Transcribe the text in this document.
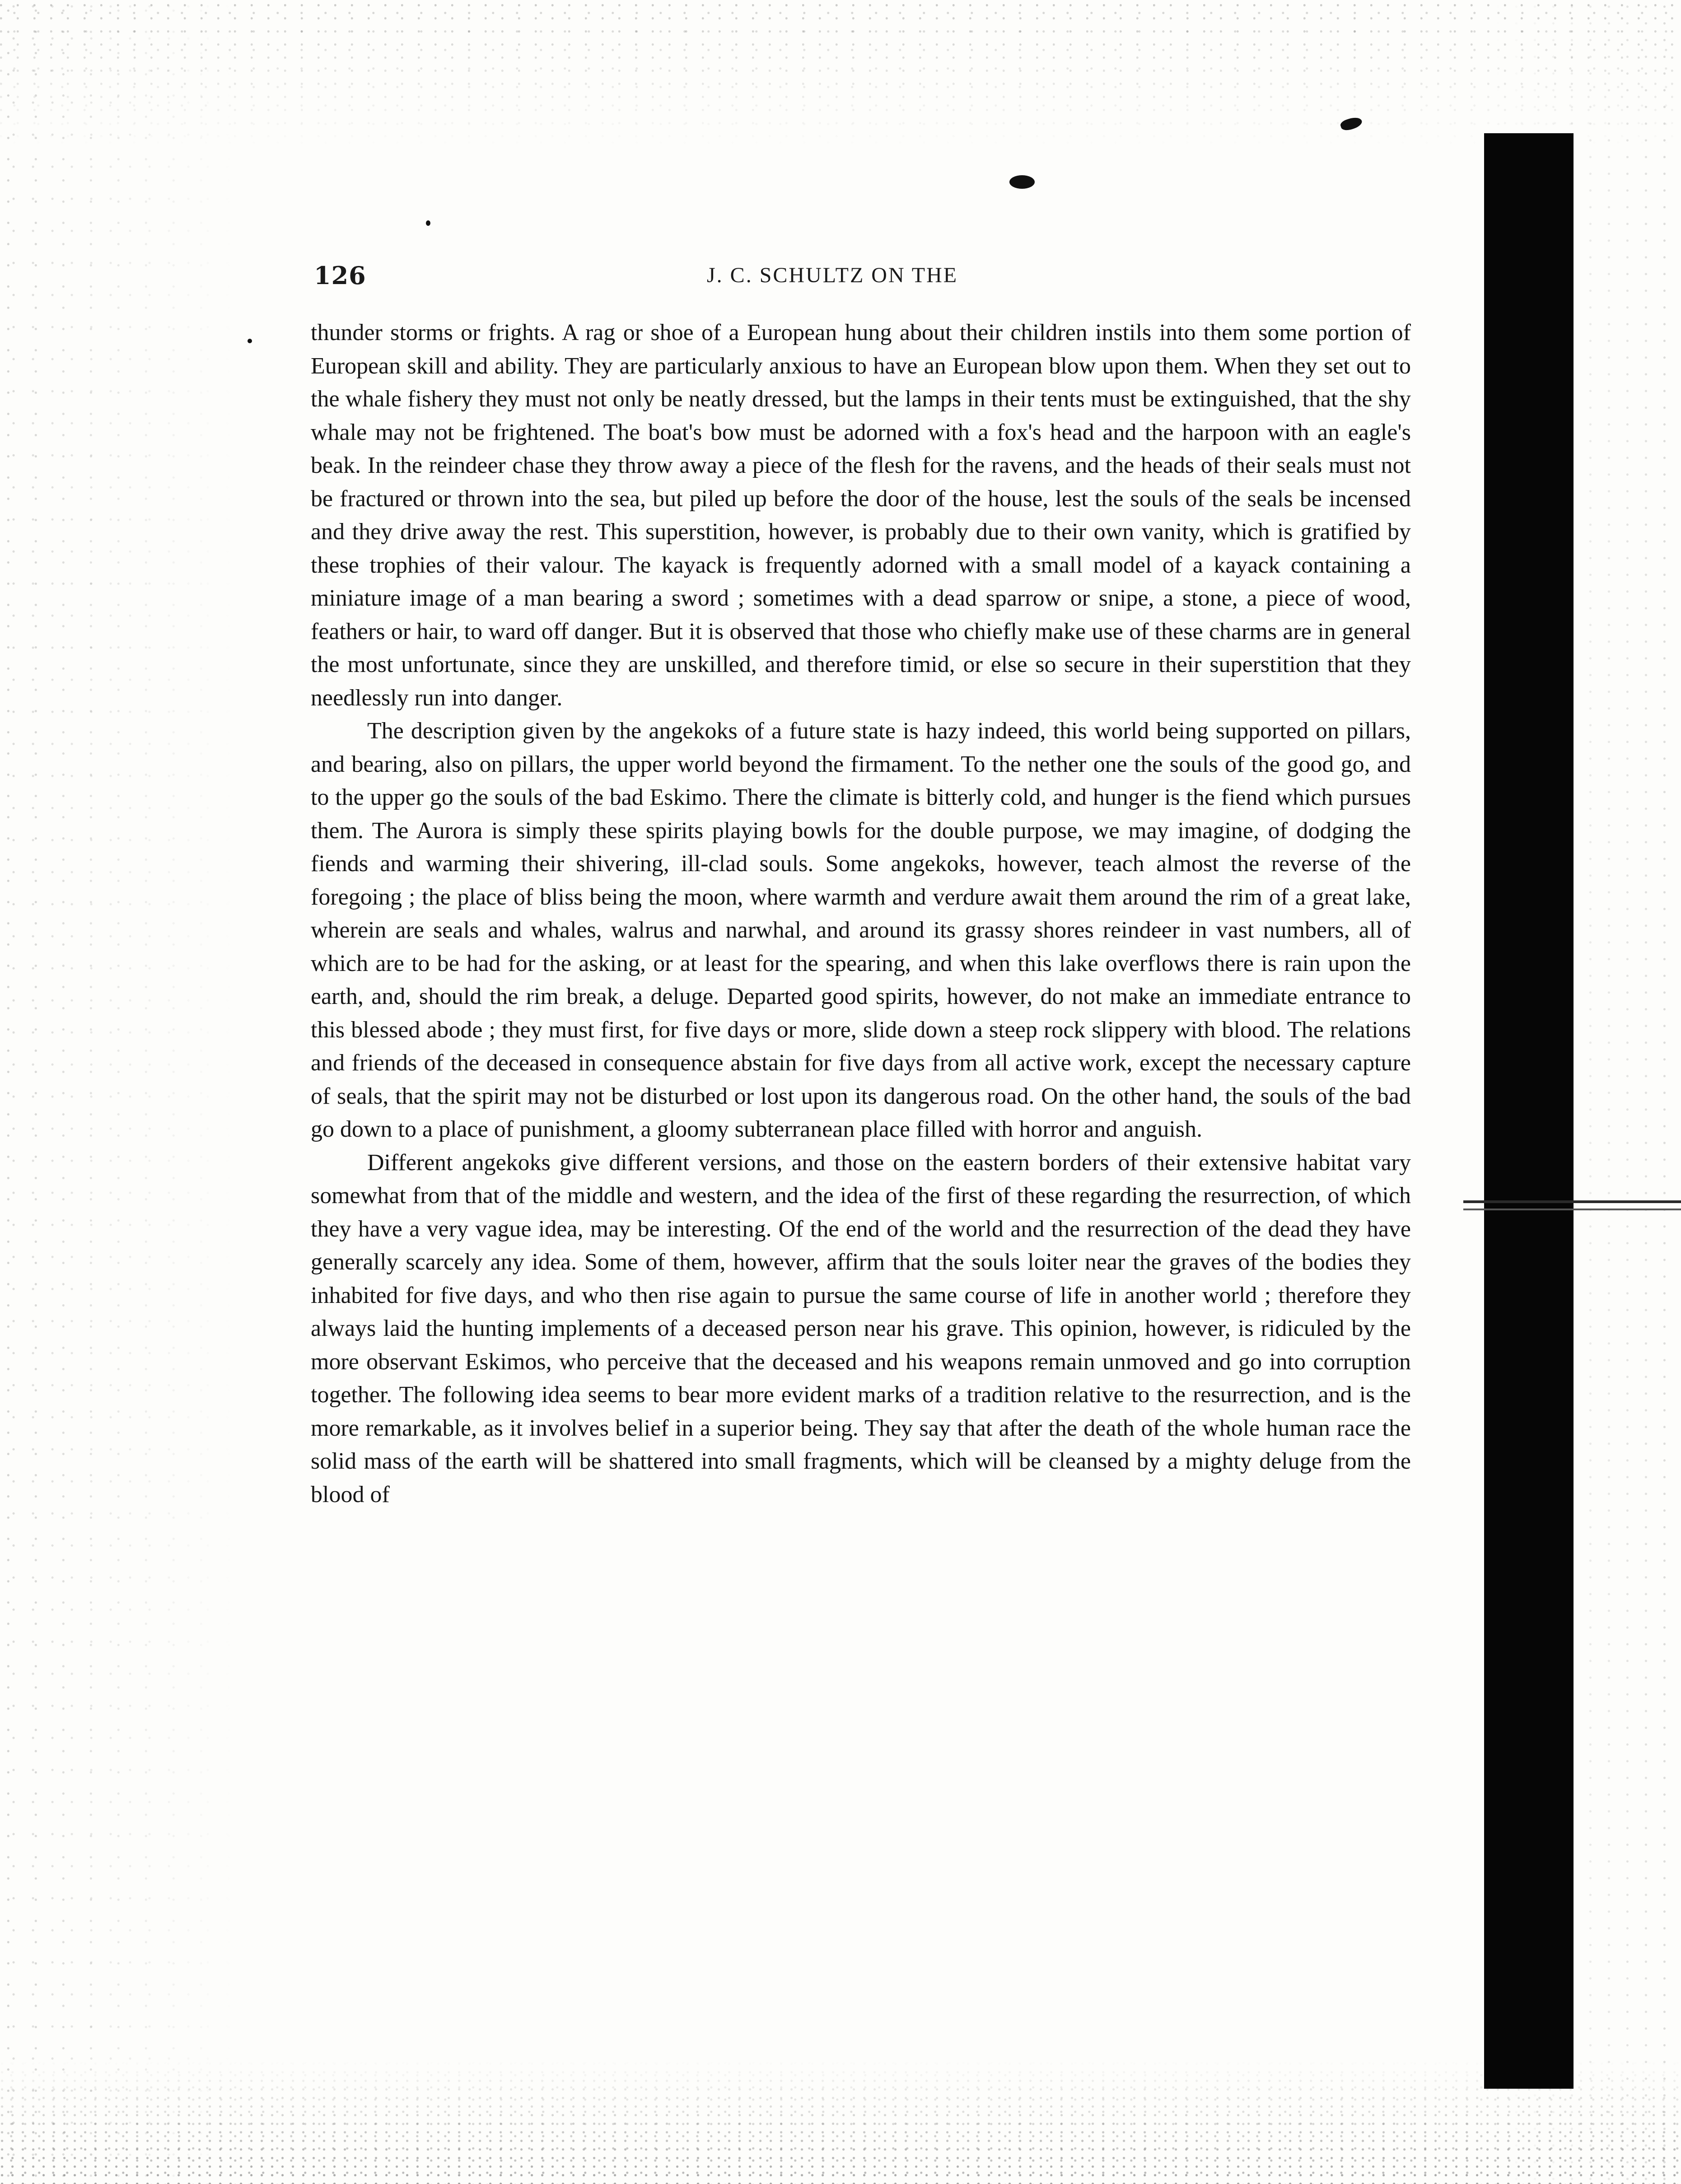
126	J. C. SCHULTZ ON THE

thunder storms or frights. A rag or shoe of a European hung about their children instils into them some portion of European skill and ability. They are particularly anxious to have an European blow upon them. When they set out to the whale fishery they must not only be neatly dressed, but the lamps in their tents must be extinguished, that the shy whale may not be frightened. The boat's bow must be adorned with a fox's head and the harpoon with an eagle's beak. In the reindeer chase they throw away a piece of the flesh for the ravens, and the heads of their seals must not be fractured or thrown into the sea, but piled up before the door of the house, lest the souls of the seals be incensed and they drive away the rest. This superstition, however, is probably due to their own vanity, which is gratified by these trophies of their valour. The kayack is frequently adorned with a small model of a kayack containing a miniature image of a man bearing a sword ; sometimes with a dead sparrow or snipe, a stone, a piece of wood, feathers or hair, to ward off danger. But it is observed that those who chiefly make use of these charms are in general the most unfortunate, since they are unskilled, and therefore timid, or else so secure in their superstition that they needlessly run into danger.

The description given by the angekoks of a future state is hazy indeed, this world being supported on pillars, and bearing, also on pillars, the upper world beyond the firmament. To the nether one the souls of the good go, and to the upper go the souls of the bad Eskimo. There the climate is bitterly cold, and hunger is the fiend which pursues them. The Aurora is simply these spirits playing bowls for the double purpose, we may imagine, of dodging the fiends and warming their shivering, ill-clad souls. Some angekoks, however, teach almost the reverse of the foregoing ; the place of bliss being the moon, where warmth and verdure await them around the rim of a great lake, wherein are seals and whales, walrus and narwhal, and around its grassy shores reindeer in vast numbers, all of which are to be had for the asking, or at least for the spearing, and when this lake overflows there is rain upon the earth, and, should the rim break, a deluge. Departed good spirits, however, do not make an immediate entrance to this blessed abode ; they must first, for five days or more, slide down a steep rock slippery with blood. The relations and friends of the deceased in consequence abstain for five days from all active work, except the necessary capture of seals, that the spirit may not be disturbed or lost upon its dangerous road. On the other hand, the souls of the bad go down to a place of punishment, a gloomy subterranean place filled with horror and anguish.

Different angekoks give different versions, and those on the eastern borders of their extensive habitat vary somewhat from that of the middle and western, and the idea of the first of these regarding the resurrection, of which they have a very vague idea, may be interesting. Of the end of the world and the resurrection of the dead they have generally scarcely any idea. Some of them, however, affirm that the souls loiter near the graves of the bodies they inhabited for five days, and who then rise again to pursue the same course of life in another world ; therefore they always laid the hunting implements of a deceased person near his grave. This opinion, however, is ridiculed by the more observant Eskimos, who perceive that the deceased and his weapons remain unmoved and go into corruption together. The following idea seems to bear more evident marks of a tradition relative to the resurrection, and is the more remarkable, as it involves belief in a superior being. They say that after the death of the whole human race the solid mass of the earth will be shattered into small fragments, which will be cleansed by a mighty deluge from the blood of
